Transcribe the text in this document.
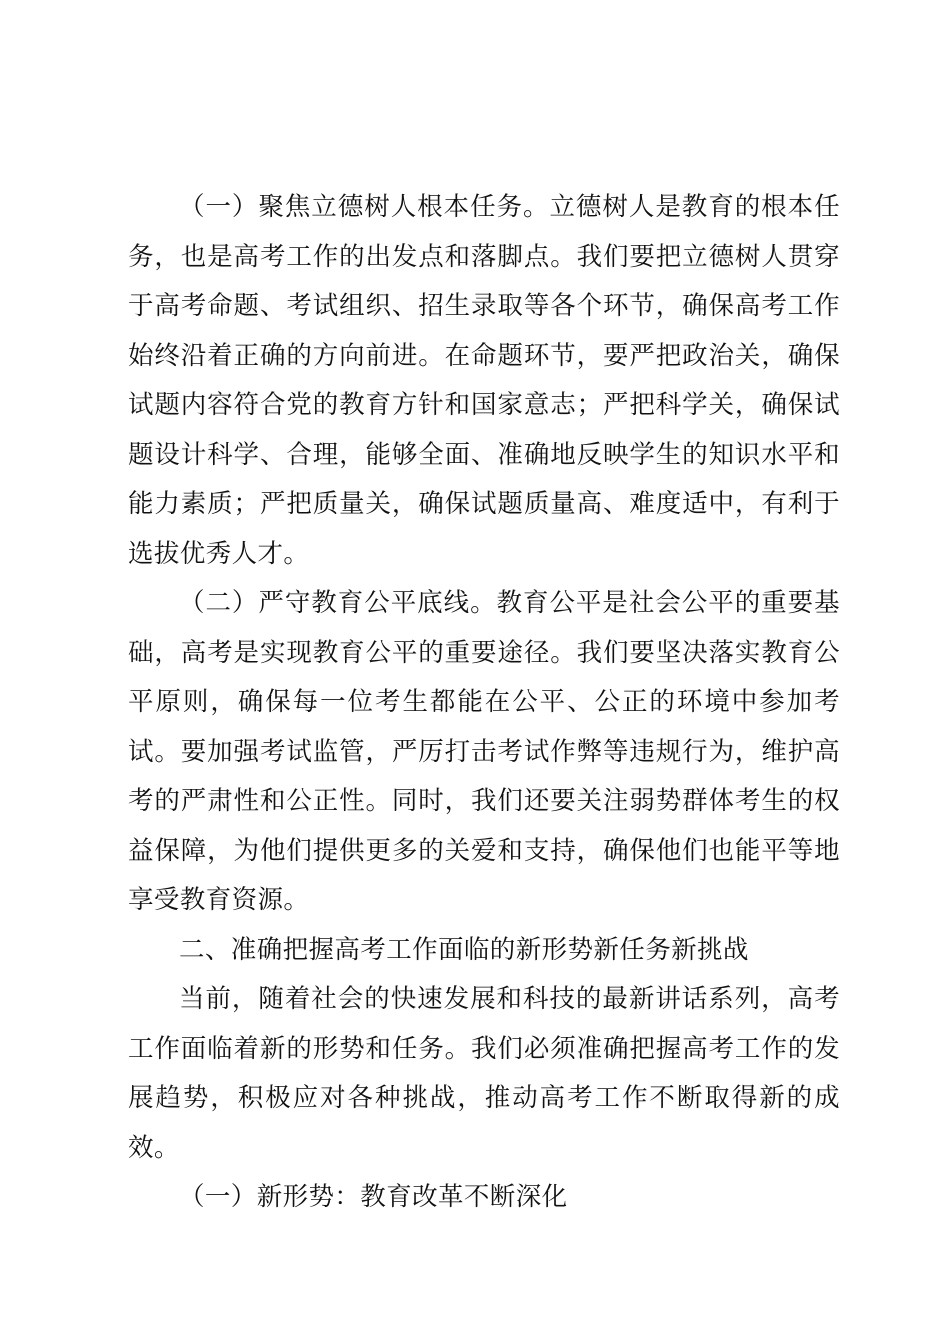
（一）聚焦立德树人根本任务。立德树人是教育的根本任务，也是高考工作的出发点和落脚点。我们要把立德树人贯穿于高考命题、考试组织、招生录取等各个环节，确保高考工作始终沿着正确的方向前进。在命题环节，要严把政治关，确保试题内容符合党的教育方针和国家意志；严把科学关，确保试题设计科学、合理，能够全面、准确地反映学生的知识水平和能力素质；严把质量关，确保试题质量高、难度适中，有利于选拔优秀人才。

（二）严守教育公平底线。教育公平是社会公平的重要基础，高考是实现教育公平的重要途径。我们要坚决落实教育公平原则，确保每一位考生都能在公平、公正的环境中参加考试。要加强考试监管，严厉打击考试作弊等违规行为，维护高考的严肃性和公正性。同时，我们还要关注弱势群体考生的权益保障，为他们提供更多的关爱和支持，确保他们也能平等地享受教育资源。

二、准确把握高考工作面临的新形势新任务新挑战

当前，随着社会的快速发展和科技的最新讲话系列，高考工作面临着新的形势和任务。我们必须准确把握高考工作的发展趋势，积极应对各种挑战，推动高考工作不断取得新的成效。

（一）新形势：教育改革不断深化
